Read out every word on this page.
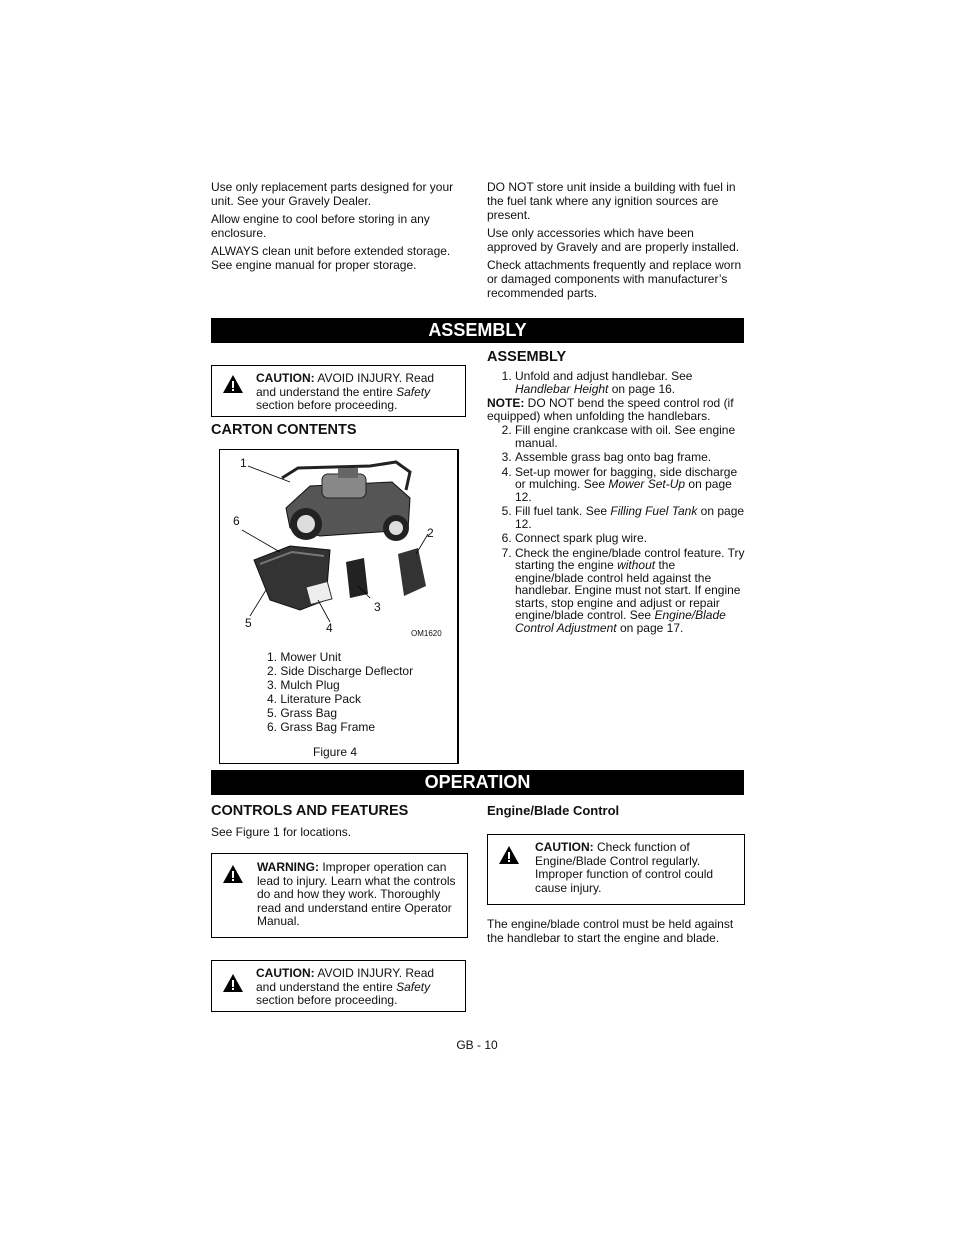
Use only replacement parts designed for your unit. See your Gravely Dealer.

Allow engine to cool before storing in any enclosure.

ALWAYS clean unit before extended storage. See engine manual for proper storage.

DO NOT store unit inside a building with fuel in the fuel tank where any ignition sources are present.

Use only accessories which have been approved by Gravely and are properly installed.

Check attachments frequently and replace worn or damaged components with manufacturer’s recommended parts.

ASSEMBLY
CAUTION: AVOID INJURY. Read and understand the entire Safety section before proceeding.
CARTON CONTENTS
1
2
3
4
5
6
OM1620
1. Mower Unit
2. Side Discharge Deflector
3. Mulch Plug
4. Literature Pack
5. Grass Bag
6. Grass Bag Frame
Figure 4
ASSEMBLY
1. Unfold and adjust handlebar. See Handlebar Height on page 16.

NOTE: DO NOT bend the speed control rod (if equipped) when unfolding the handlebars.

2. Fill engine crankcase with oil. See engine manual.
3. Assemble grass bag onto bag frame.
4. Set-up mower for bagging, side discharge or mulching. See Mower Set-Up on page 12.
5. Fill fuel tank. See Filling Fuel Tank on page 12.
6. Connect spark plug wire.
7. Check the engine/blade control feature. Try starting the engine without the engine/blade control held against the handlebar. Engine must not start. If engine starts, stop engine and adjust or repair engine/blade control. See Engine/Blade Control Adjustment on page 17.
OPERATION
CONTROLS AND FEATURES

See Figure 1 for locations.

WARNING: Improper operation can lead to injury. Learn what the controls do and how they work. Thoroughly read and understand entire Operator Manual.
CAUTION: AVOID INJURY. Read and understand the entire Safety section before proceeding.
Engine/Blade Control
CAUTION: Check function of Engine/Blade Control regularly. Improper function of control could cause injury.

The engine/blade control must be held against the handlebar to start the engine and blade.

GB - 10
